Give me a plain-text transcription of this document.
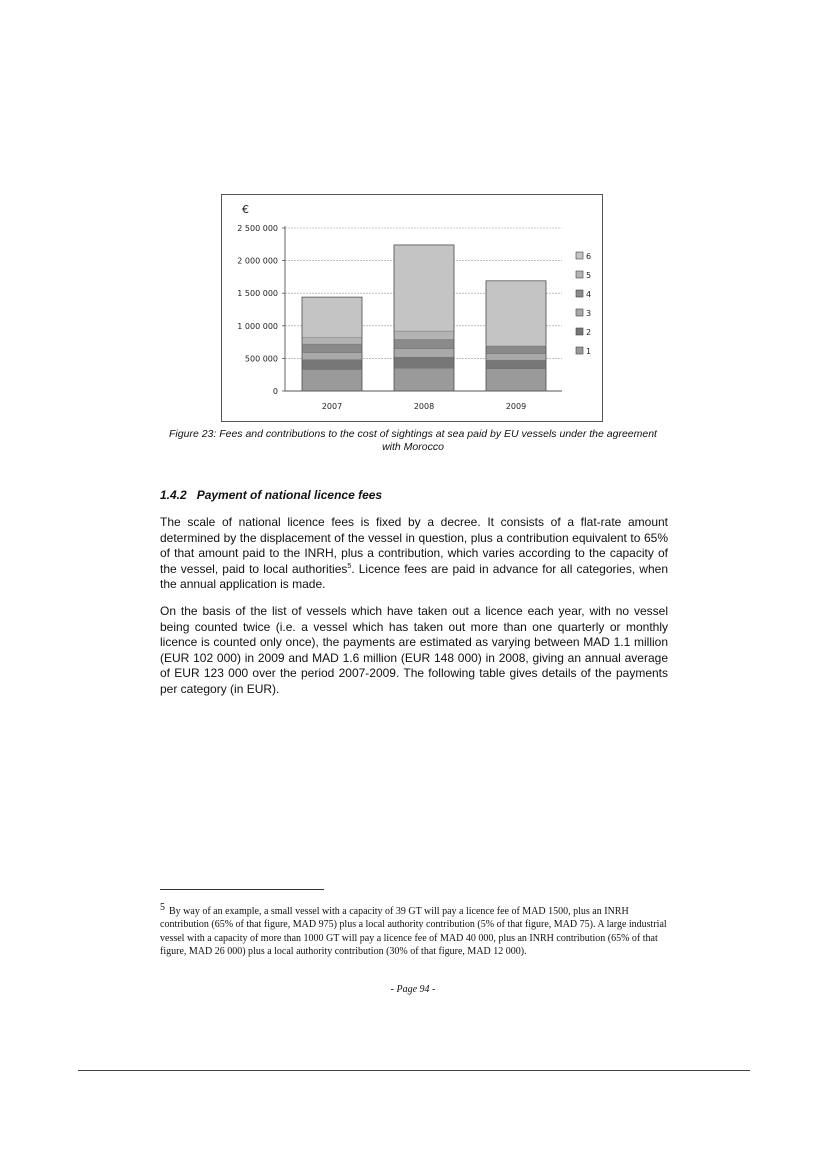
€
2 500 000
2 000 000
1 500 000
1 000 000
500 000
0
2007	2008	2009
6
5
4
3
2
1
Figure 23: Fees and contributions to the cost of sightings at sea paid by EU vessels under the agreement with Morocco
1.4.2 Payment of national licence fees

The scale of national licence fees is fixed by a decree. It consists of a flat-rate amount determined by the displacement of the vessel in question, plus a contribution equivalent to 65% of that amount paid to the INRH, plus a contribution, which varies according to the capacity of the vessel, paid to local authorities$^5$. Licence fees are paid in advance for all categories, when the annual application is made.

On the basis of the list of vessels which have taken out a licence each year, with no vessel being counted twice (i.e. a vessel which has taken out more than one quarterly or monthly licence is counted only once), the payments are estimated as varying between MAD 1.1 million (EUR 102 000) in 2009 and MAD 1.6 million (EUR 148 000) in 2008, giving an annual average of EUR 123 000 over the period 2007-2009. The following table gives details of the payments per category (in EUR).

5 By way of an example, a small vessel with a capacity of 39 GT will pay a licence fee of MAD 1500, plus an INRH contribution (65% of that figure, MAD 975) plus a local authority contribution (5% of that figure, MAD 75). A large industrial vessel with a capacity of more than 1000 GT will pay a licence fee of MAD 40 000, plus an INRH contribution (65% of that figure, MAD 26 000) plus a local authority contribution (30% of that figure, MAD 12 000).
- Page 94 -
